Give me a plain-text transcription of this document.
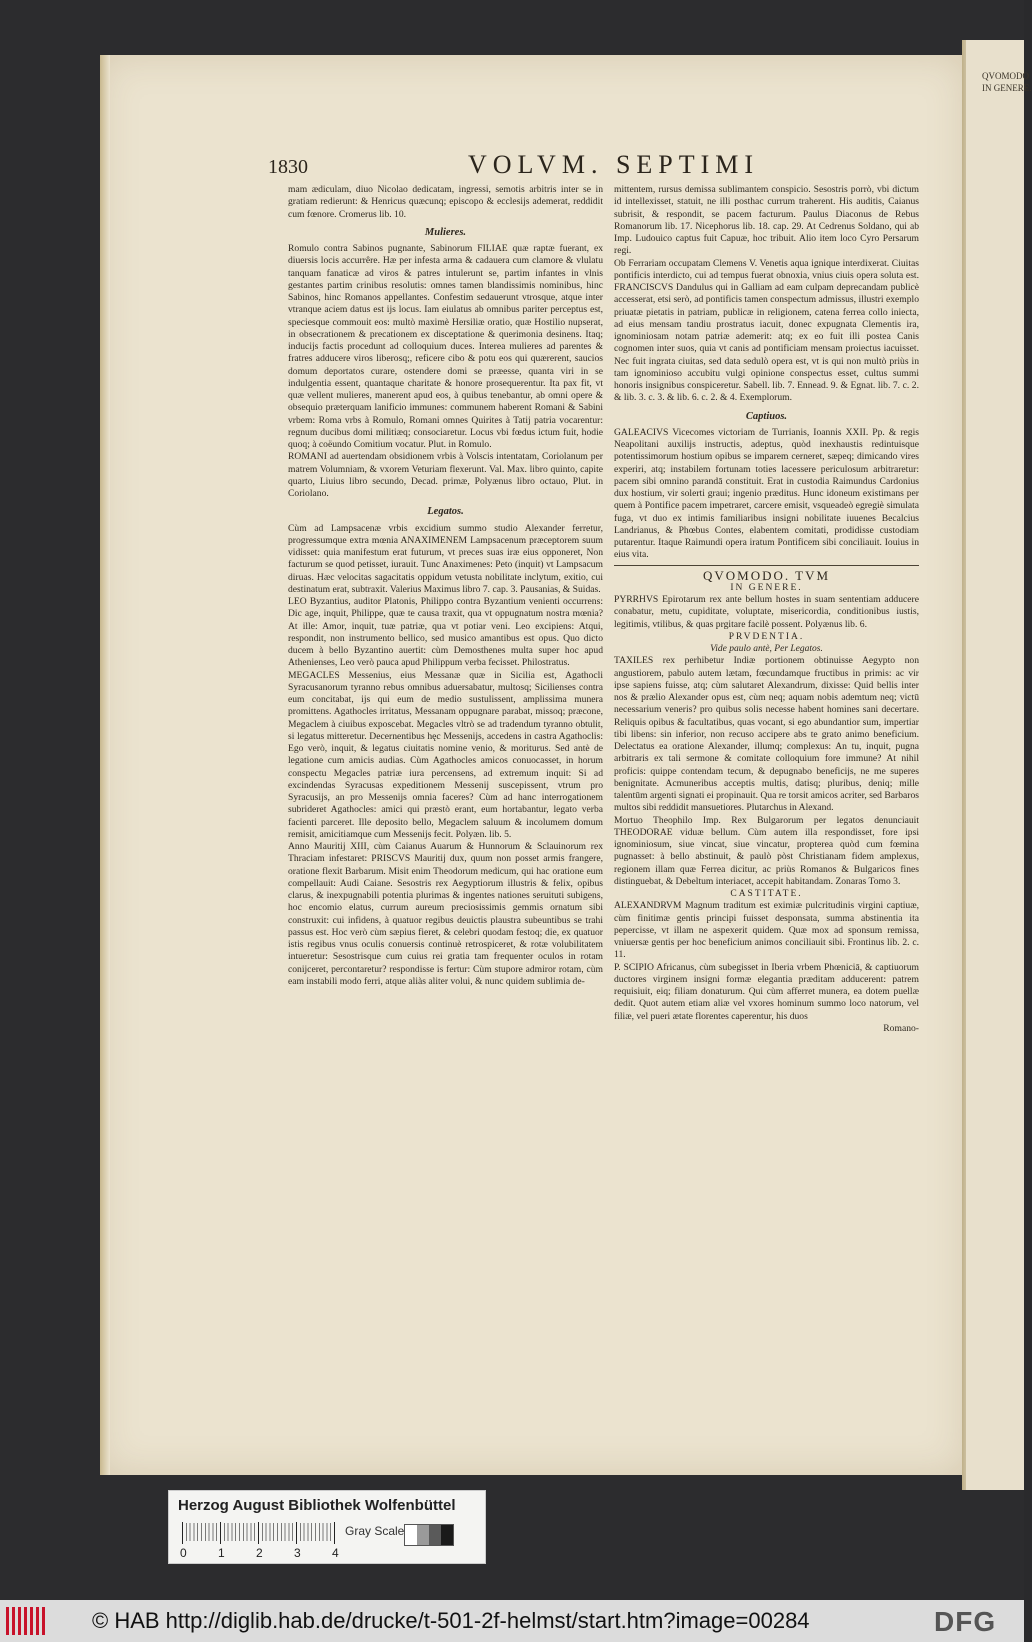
QVOMODO
IN GENERE.
1830	VOLVM. SEPTIMI

mam ædiculam, diuo Nicolao dedicatam, ingressi, semotis arbitris inter se in gratiam redierunt: & Henricus quæcunq; episcopo & ecclesijs ademerat, reddidit cum fœnore. Cromerus lib. 10.

Mulieres.

Romulo contra Sabinos pugnante, Sabinorum FILIAE quæ raptæ fuerant, ex diuersis locis accurrêre. Hæ per infesta arma & cadauera cum clamore & vlulatu tanquam fanaticæ ad viros & patres intulerunt se, partim infantes in vlnis gestantes partim crinibus resolutis: omnes tamen blandissimis nominibus, hinc Sabinos, hinc Romanos appellantes. Confestim sedauerunt vtrosque, atque inter vtranque aciem datus est ijs locus. Iam eiulatus ab omnibus pariter perceptus est, speciesque commouit eos: multò maximè Hersiliæ oratio, quæ Hostilio nupserat, in obsecrationem & precationem ex disceptatione & querimonia desinens. Itaq; inducijs factis procedunt ad colloquium duces. Interea mulieres ad parentes & fratres adducere viros liberosq;, reficere cibo & potu eos qui quærerent, saucios domum deportatos curare, ostendere domi se præesse, quanta viri in se indulgentia essent, quantaque charitate & honore prosequerentur. Ita pax fit, vt quæ vellent mulieres, manerent apud eos, à quibus tenebantur, ab omni opere & obsequio præterquam lanificio immunes: communem haberent Romani & Sabini vrbem: Roma vrbs à Romulo, Romani omnes Quirites à Tatij patria vocarentur: regnum ducibus domi militiæq; consociaretur. Locus vbi fœdus ictum fuit, hodie quoq; à coëundo Comitium vocatur. Plut. in Romulo.

ROMANI ad auertendam obsidionem vrbis à Volscis intentatam, Coriolanum per matrem Volumniam, & vxorem Veturiam flexerunt. Val. Max. libro quinto, capite quarto, Liuius libro secundo, Decad. primæ, Polyænus libro octauo, Plut. in Coriolano.

Legatos.

Cùm ad Lampsacenæ vrbis excidium summo studio Alexander ferretur, progressumque extra mœnia ANAXIMENEM Lampsacenum præceptorem suum vidisset: quia manifestum erat futurum, vt preces suas iræ eius opponeret, Non facturum se quod petisset, iurauit. Tunc Anaximenes: Peto (inquit) vt Lampsacum diruas. Hæc velocitas sagacitatis oppidum vetusta nobilitate inclytum, exitio, cui destinatum erat, subtraxit. Valerius Maximus libro 7. cap. 3. Pausanias, & Suidas.

LEO Byzantius, auditor Platonis, Philippo contra Byzantium venienti occurrens: Dic age, inquit, Philippe, quæ te causa traxit, qua vt oppugnatum nostra mœnia? At ille: Amor, inquit, tuæ patriæ, qua vt potiar veni. Leo excipiens: Atqui, respondit, non instrumento bellico, sed musico amantibus est opus. Quo dicto ducem à bello Byzantino auertit: cùm Demosthenes multa super hoc apud Athenienses, Leo verò pauca apud Philippum verba fecisset. Philostratus.

MEGACLES Messenius, eius Messanæ quæ in Sicilia est, Agathocli Syracusanorum tyranno rebus omnibus aduersabatur, multosq; Sicilienses contra eum concitabat, ijs qui eum de medio sustulissent, amplissima munera promittens. Agathocles irritatus, Messanam oppugnare parabat, missoq; præcone, Megaclem à ciuibus exposcebat. Megacles vltrò se ad tradendum tyranno obtulit, si legatus mitteretur. Decernentibus hęc Messenijs, accedens in castra Agathoclis: Ego verò, inquit, & legatus ciuitatis nomine venio, & moriturus. Sed antè de legatione cum amicis audias. Cùm Agathocles amicos conuocasset, in horum conspectu Megacles patriæ iura percensens, ad extremum inquit: Si ad excindendas Syracusas expeditionem Messenij suscepissent, vtrum pro Syracusijs, an pro Messenijs omnia faceres? Cùm ad hanc interrogationem subrideret Agathocles: amici qui præstò erant, eum hortabantur, legato verba facienti parceret. Ille deposito bello, Megaclem saluum & incolumem domum remisit, amicitiamque cum Messenijs fecit. Polyæn. lib. 5.

Anno Mauritij XIII, cùm Caianus Auarum & Hunnorum & Sclauinorum rex Thraciam infestaret: PRISCVS Mauritij dux, quum non posset armis frangere, oratione flexit Barbarum. Misit enim Theodorum medicum, qui hac oratione eum compellauit: Audi Caiane. Sesostris rex Aegyptiorum illustris & felix, opibus clarus, & inexpugnabili potentia plurimas & ingentes nationes seruituti subigens, hoc encomio elatus, currum aureum preciosissimis gemmis ornatum sibi construxit: cui infidens, à quatuor regibus deuictis plaustra subeuntibus se trahi passus est. Hoc verò cùm sæpius fieret, & celebri quodam festoq; die, ex quatuor istis regibus vnus oculis conuersis continuè retrospiceret, & rotæ volubilitatem intueretur: Sesostrisque cum cuius rei gratia tam frequenter oculos in rotam conijceret, percontaretur? respondisse is fertur: Cùm stupore admiror rotam, cùm eam instabili modo ferri, atque aliàs aliter volui, & nunc quidem sublimia de-

mittentem, rursus demissa sublimantem conspicio. Sesostris porrò, vbi dictum id intellexisset, statuit, ne illi posthac currum traherent. His auditis, Caianus subrisit, & respondit, se pacem facturum. Paulus Diaconus de Rebus Romanorum lib. 17. Nicephorus lib. 18. cap. 29. At Cedrenus Soldano, qui ab Imp. Ludouico captus fuit Capuæ, hoc tribuit. Alio item loco Cyro Persarum regi.

Ob Ferrariam occupatam Clemens V. Venetis aqua ignique interdixerat. Ciuitas pontificis interdicto, cui ad tempus fuerat obnoxia, vnius ciuis opera soluta est. FRANCISCVS Dandulus qui in Galliam ad eam culpam deprecandam publicè accesserat, etsi serò, ad pontificis tamen conspectum admissus, illustri exemplo priuatæ pietatis in patriam, publicæ in religionem, catena ferrea collo iniecta, ad eius mensam tandiu prostratus iacuit, donec expugnata Clementis ira, ignominiosam notam patriæ ademerit: atq; ex eo fuit illi postea Canis cognomen inter suos, quia vt canis ad pontificiam mensam proiectus iacuisset. Nec fuit ingrata ciuitas, sed data sedulò opera est, vt is qui non multò priùs in tam ignominioso accubitu vulgi opinione conspectus esset, cultus summi honoris insignibus conspiceretur. Sabell. lib. 7. Ennead. 9. & Egnat. lib. 7. c. 2. & lib. 3. c. 3. & lib. 6. c. 2. & 4. Exemplorum.

Captiuos.

GALEACIVS Vicecomes victoriam de Turrianis, Ioannis XXII. Pp. & regis Neapolitani auxilijs instructis, adeptus, quòd inexhaustis redintuisque potentissimorum hostium opibus se imparem cerneret, sæpeq; dimicando vires experiri, atq; instabilem fortunam toties lacessere periculosum arbitraretur: pacem sibi omnino parandā constituit. Erat in custodia Raimundus Cardonius dux hostium, vir solerti graui; ingenio præditus. Hunc idoneum existimans per quem à Pontifice pacem impetraret, carcere emisit, vsqueadeò egregiè simulata fuga, vt duo ex intimis familiaribus insigni nobilitate iuuenes Becalcius Landrianus, & Phœbus Contes, elabentem comitati, prodidisse custodiam putarentur. Itaque Raimundi opera iratum Pontificem sibi conciliauit. Iouius in eius vita.

QVOMODO. TVM

IN GENERE.

PYRRHVS Epirotarum rex ante bellum hostes in suam sententiam adducere conabatur, metu, cupiditate, voluptate, misericordia, conditionibus iustis, legitimis, vtilibus, & quas prgitare facilè possent. Polyænus lib. 6.

PRVDENTIA.

Vide paulo antè, Per Legatos.

TAXILES rex perhibetur Indiæ portionem obtinuisse Aegypto non angustiorem, pabulo autem lætam, fœcundamque fructibus in primis: ac vir ipse sapiens fuisse, atq; cùm salutaret Alexandrum, dixisse: Quid bellis inter nos & prælio Alexander opus est, cùm neq; aquam nobis ademtum neq; victū necessarium veneris? pro quibus solis necesse habent homines sani decertare. Reliquis opibus & facultatibus, quas vocant, si ego abundantior sum, impertiar tibi libens: sin inferior, non recuso accipere abs te grato animo beneficium. Delectatus ea oratione Alexander, illumq; complexus: An tu, inquit, pugna arbitraris ex tali sermone & comitate colloquium fore immune? At nihil proficis: quippe contendam tecum, & depugnabo beneficijs, ne me superes benignitate. Acmuneribus acceptis multis, datisq; pluribus, deniq; mille talentūm argenti signati ei propinauit. Qua re torsit amicos acriter, sed Barbaros multos sibi reddidit mansuetiores. Plutarchus in Alexand.

Mortuo Theophilo Imp. Rex Bulgarorum per legatos denunciauit THEODORAE viduæ bellum. Cùm autem illa respondisset, fore ipsi ignominiosum, siue vincat, siue vincatur, propterea quòd cum fœmina pugnasset: à bello abstinuit, & paulò pòst Christianam fidem amplexus, regionem illam quæ Ferrea dicitur, ac priùs Romanos & Bulgaricos fines distinguebat, & Debeltum interiacet, accepit habitandam. Zonaras Tomo 3.

CASTITATE.

ALEXANDRVM Magnum traditum est eximiæ pulcritudinis virgini captiuæ, cùm finitimæ gentis principi fuisset desponsata, summa abstinentia ita pepercisse, vt illam ne aspexerit quidem. Quæ mox ad sponsum remissa, vniuersæ gentis per hoc beneficium animos conciliauit sibi. Frontinus lib. 2. c. 11.

P. SCIPIO Africanus, cùm subegisset in Iberia vrbem Phœniciā, & captiuorum ductores virginem insigni formæ elegantia præditam adducerent: patrem requisiuit, eiq; filiam donaturum. Qui cùm afferret munera, ea dotem puellæ dedit. Quot autem etiam aliæ vel vxores hominum summo loco natorum, vel filiæ, vel pueri ætate florentes caperentur, his duos

Romano-

Herzog August Bibliothek Wolfenbüttel
0	1	2	3	4
Gray Scale
© HAB http://diglib.hab.de/drucke/t-501-2f-helmst/start.htm?image=00284	DFG
